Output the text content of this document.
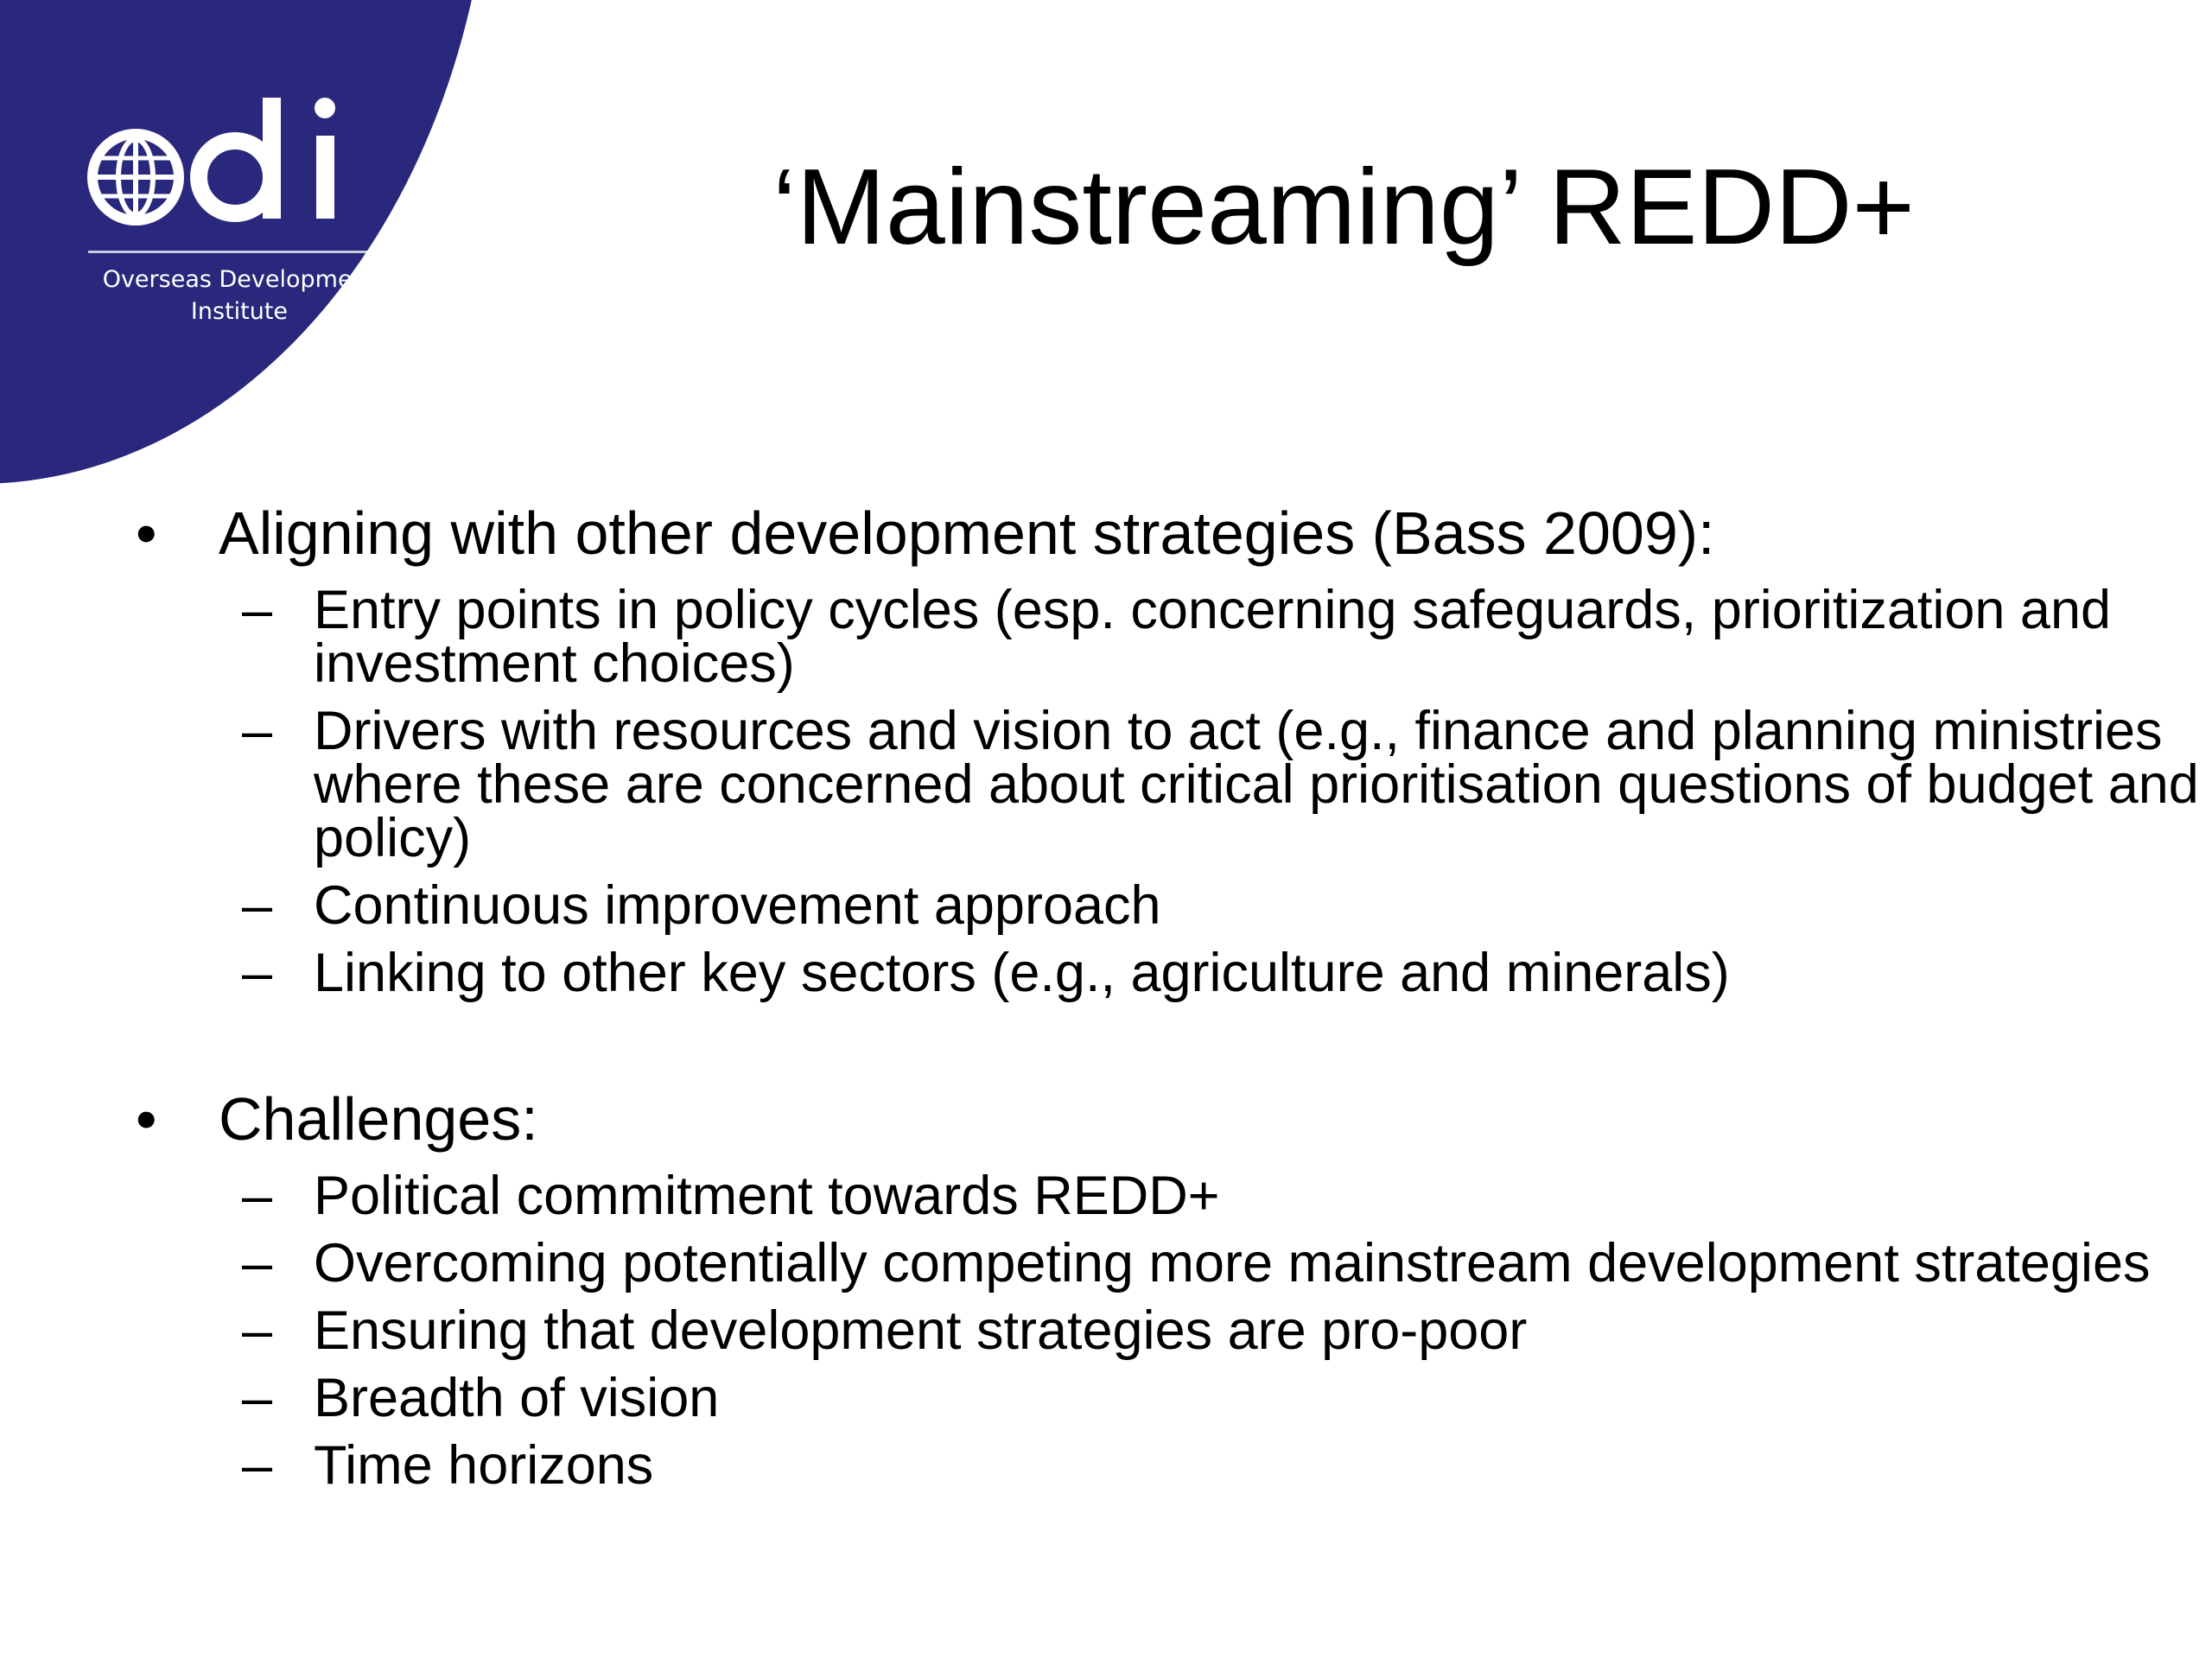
Overseas Development
Institute
‘Mainstreaming’ REDD+
• Aligning with other development strategies (Bass 2009):
– Entry points in policy cycles (esp. concerning safeguards, prioritization and investment choices)
– Drivers with resources and vision to act (e.g., finance and planning ministries where these are concerned about critical prioritisation questions of budget and policy)
– Continuous improvement approach
– Linking to other key sectors (e.g., agriculture and minerals)
• Challenges:
– Political commitment towards REDD+
– Overcoming potentially competing more mainstream development strategies
– Ensuring that development strategies are pro-poor
– Breadth of vision
– Time horizons
